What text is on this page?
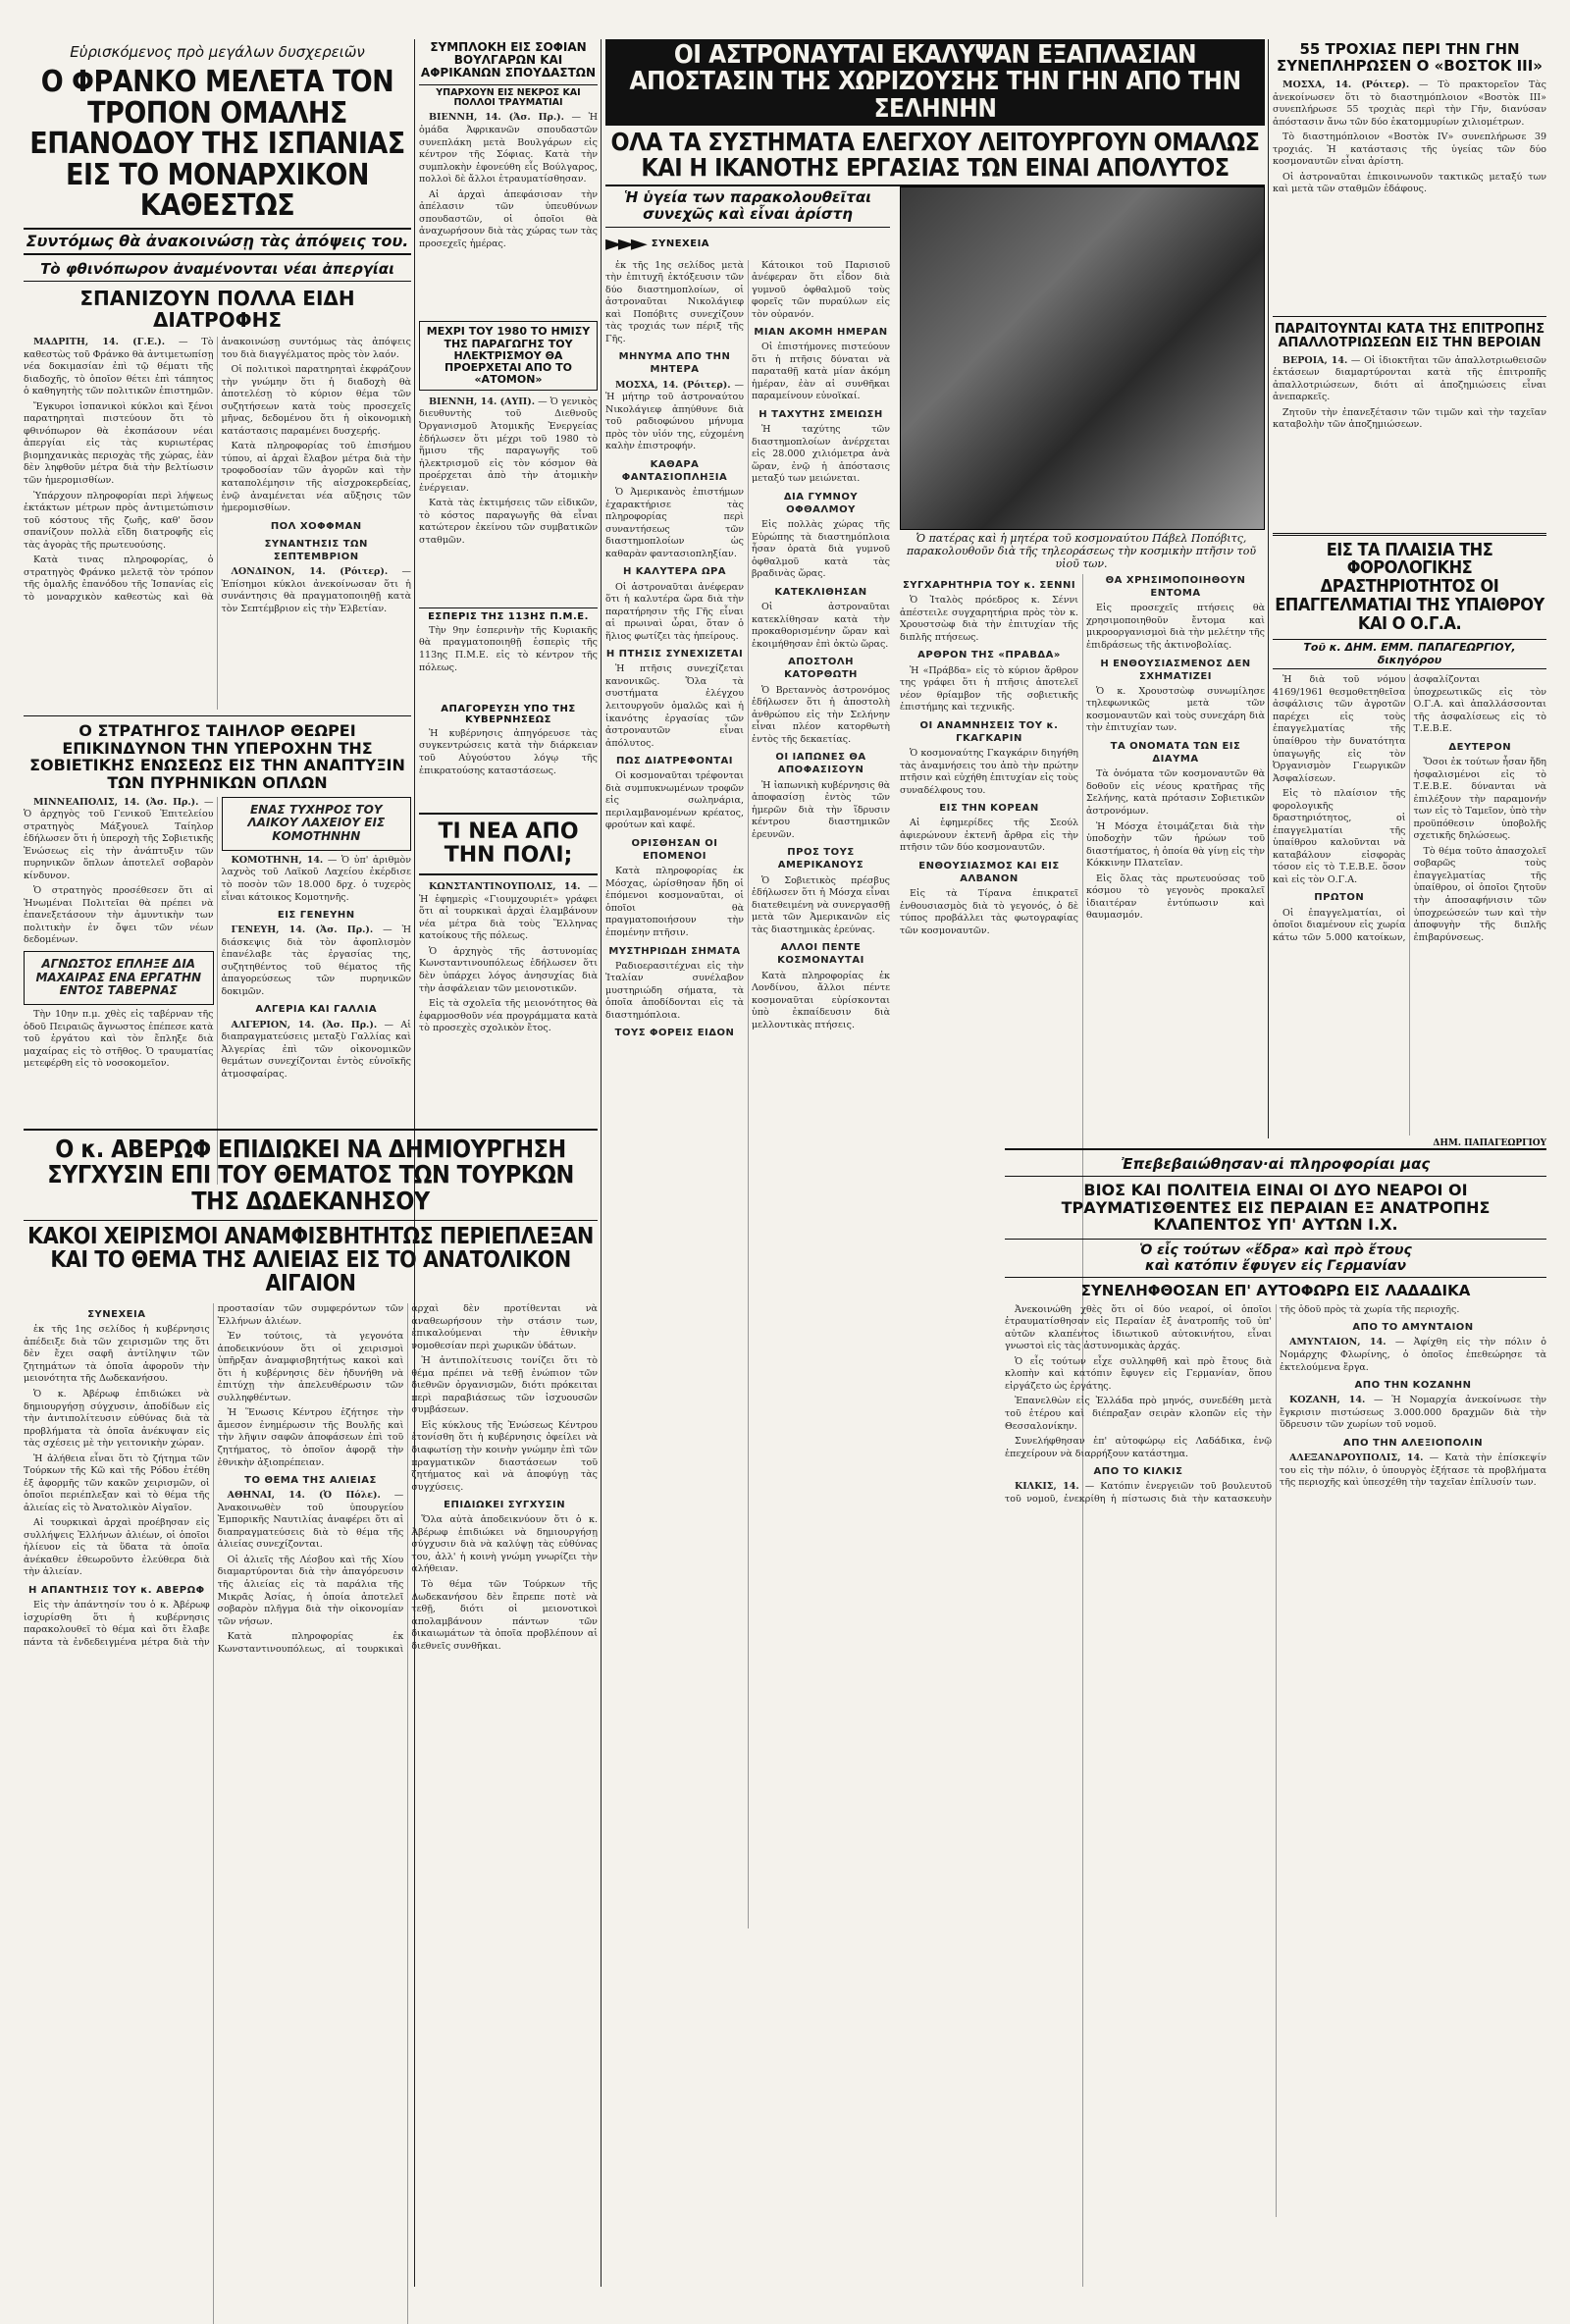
Εὑρισκόμενος πρὸ μεγάλων δυσχερειῶν
Ο ΦΡΑΝΚΟ ΜΕΛΕΤΑ ΤΟΝ ΤΡΟΠΟΝ ΟΜΑΛΗΣ ΕΠΑΝΟΔΟΥ ΤΗΣ ΙΣΠΑΝΙΑΣ ΕΙΣ ΤΟ ΜΟΝΑΡΧΙΚΟΝ ΚΑΘΕΣΤΩΣ
Συντόμως θὰ ἀνακοινώσῃ τὰς ἀπόψεις του.
Τὸ φθινόπωρον ἀναμένονται νέαι ἀπεργίαι
ΣΠΑΝΙΖΟΥΝ ΠΟΛΛΑ ΕΙΔΗ ΔΙΑΤΡΟΦΗΣ

ΜΑΔΡΙΤΗ, 14. (Γ.Ε.). — Τὸ καθεστὼς τοῦ Φράνκο θὰ ἀντιμετωπίσῃ νέα δοκιμασίαν ἐπὶ τῷ θέματι τῆς διαδοχῆς, τὸ ὁποῖον θέτει ἐπὶ τάπητος ὁ καθηγητὴς τῶν πολιτικῶν ἐπιστημῶν.

Ἔγκυροι ἰσπανικοὶ κύκλοι καὶ ξένοι παρατηρηταὶ πιστεύουν ὅτι τὸ φθινόπωρον θὰ ἐκσπάσουν νέαι ἀπεργίαι εἰς τὰς κυριωτέρας βιομηχανικὰς περιοχὰς τῆς χώρας, ἐὰν δὲν ληφθοῦν μέτρα διὰ τὴν βελτίωσιν τῶν ἡμερομισθίων.

Ὑπάρχουν πληροφορίαι περὶ λήψεως ἐκτάκτων μέτρων πρὸς ἀντιμετώπισιν τοῦ κόστους τῆς ζωῆς, καθ' ὅσον σπανίζουν πολλὰ εἴδη διατροφῆς εἰς τὰς ἀγορὰς τῆς πρωτευούσης.

Κατὰ τινας πληροφορίας, ὁ στρατηγὸς Φράνκο μελετᾷ τὸν τρόπον τῆς ὁμαλῆς ἐπανόδου τῆς Ἰσπανίας εἰς τὸ μοναρχικὸν καθεστὼς καὶ θὰ ἀνακοινώσῃ συντόμως τὰς ἀπόψεις του διὰ διαγγέλματος πρὸς τὸν λαόν.

Οἱ πολιτικοὶ παρατηρηταὶ ἐκφράζουν τὴν γνώμην ὅτι ἡ διαδοχὴ θὰ ἀποτελέσῃ τὸ κύριον θέμα τῶν συζητήσεων κατὰ τοὺς προσεχεῖς μῆνας, δεδομένου ὅτι ἡ οἰκονομικὴ κατάστασις παραμένει δυσχερής.

Κατὰ πληροφορίας τοῦ ἐπισήμου τύπου, αἱ ἀρχαὶ ἔλαβον μέτρα διὰ τὴν τροφοδοσίαν τῶν ἀγορῶν καὶ τὴν καταπολέμησιν τῆς αἰσχροκερδείας, ἐνῷ ἀναμένεται νέα αὔξησις τῶν ἡμερομισθίων.

ΠΟΛ ΧΟΦΦΜΑΝ
ΣΥΝΑΝΤΗΣΙΣ ΤΩΝ ΣΕΠΤΕΜΒΡΙΟΝ

ΛΟΝΔΙΝΟΝ, 14. (Ρόιτερ). — Ἐπίσημοι κύκλοι ἀνεκοίνωσαν ὅτι ἡ συνάντησις θὰ πραγματοποιηθῇ κατὰ τὸν Σεπτέμβριον εἰς τὴν Ἑλβετίαν.

Ο ΣΤΡΑΤΗΓΟΣ ΤΑΙΗΛΟΡ ΘΕΩΡΕΙ ΕΠΙΚΙΝΔΥΝΟΝ ΤΗΝ ΥΠΕΡΟΧΗΝ ΤΗΣ ΣΟΒΙΕΤΙΚΗΣ ΕΝΩΣΕΩΣ ΕΙΣ ΤΗΝ ΑΝΑΠΤΥΞΙΝ ΤΩΝ ΠΥΡΗΝΙΚΩΝ ΟΠΛΩΝ

ΜΙΝΝΕΑΠΟΛΙΣ, 14. (Ἀσ. Πρ.). — Ὁ ἀρχηγὸς τοῦ Γενικοῦ Ἐπιτελείου στρατηγὸς Μάξγουελ Ταίηλορ ἐδήλωσεν ὅτι ἡ ὑπεροχὴ τῆς Σοβιετικῆς Ἑνώσεως εἰς τὴν ἀνάπτυξιν τῶν πυρηνικῶν ὅπλων ἀποτελεῖ σοβαρὸν κίνδυνον.

Ὁ στρατηγὸς προσέθεσεν ὅτι αἱ Ἡνωμέναι Πολιτεῖαι θὰ πρέπει νὰ ἐπανεξετάσουν τὴν ἀμυντικὴν των πολιτικὴν ἐν ὄψει τῶν νέων δεδομένων.

ΑΓΝΩΣΤΟΣ ΕΠΛΗΞΕ ΔΙΑ ΜΑΧΑΙΡΑΣ ΕΝΑ ΕΡΓΑΤΗΝ ΕΝΤΟΣ ΤΑΒΕΡΝΑΣ

Τὴν 10ην π.μ. χθὲς εἰς ταβέρναν τῆς ὁδοῦ Πειραιῶς ἄγνωστος ἐπέπεσε κατὰ τοῦ ἐργάτου καὶ τὸν ἔπληξε διὰ μαχαίρας εἰς τὸ στῆθος. Ὁ τραυματίας μετεφέρθη εἰς τὸ νοσοκομεῖον.

ΕΝΑΣ ΤΥΧΗΡΟΣ ΤΟΥ ΛΑΙΚΟΥ ΛΑΧΕΙΟΥ ΕΙΣ ΚΟΜΟΤΗΝΗΝ

ΚΟΜΟΤΗΝΗ, 14. — Ὁ ὑπ' ἀριθμὸν λαχνὸς τοῦ Λαϊκοῦ Λαχείου ἐκέρδισε τὸ ποσὸν τῶν 18.000 δρχ. ὁ τυχερὸς εἶναι κάτοικος Κομοτηνῆς.

ΕΙΣ ΓΕΝΕΥΗΝ

ΓΕΝΕΥΗ, 14. (Ἀσ. Πρ.). — Ἡ διάσκεψις διὰ τὸν ἀφοπλισμὸν ἐπανέλαβε τὰς ἐργασίας της, συζητηθέντος τοῦ θέματος τῆς ἀπαγορεύσεως τῶν πυρηνικῶν δοκιμῶν.

ΑΛΓΕΡΙΑ ΚΑΙ ΓΑΛΛΙΑ

ΑΛΓΕΡΙΟΝ, 14. (Ἀσ. Πρ.). — Αἱ διαπραγματεύσεις μεταξὺ Γαλλίας καὶ Ἀλγερίας ἐπὶ τῶν οἰκονομικῶν θεμάτων συνεχίζονται ἐντὸς εὐνοϊκῆς ἀτμοσφαίρας.

Ο κ. ΑΒΕΡΩΦ ΕΠΙΔΙΩΚΕΙ ΝΑ ΔΗΜΙΟΥΡΓΗΣΗ ΣΥΓΧΥΣΙΝ ΕΠΙ ΤΟΥ ΘΕΜΑΤΟΣ ΤΩΝ ΤΟΥΡΚΩΝ ΤΗΣ ΔΩΔΕΚΑΝΗΣΟΥ
ΚΑΚΟΙ ΧΕΙΡΙΣΜΟΙ ΑΝΑΜΦΙΣΒΗΤΗΤΩΣ ΠΕΡΙΕΠΛΕΞΑΝ ΚΑΙ ΤΟ ΘΕΜΑ ΤΗΣ ΑΛΙΕΙΑΣ ΕΙΣ ΤΟ ΑΝΑΤΟΛΙΚΟΝ ΑΙΓΑΙΟΝ
ΣΥΝΕΧΕΙΑ

ἐκ τῆς 1ης σελίδος ἡ κυβέρνησις ἀπέδειξε διὰ τῶν χειρισμῶν της ὅτι δὲν ἔχει σαφῆ ἀντίληψιν τῶν ζητημάτων τὰ ὁποῖα ἀφοροῦν τὴν μειονότητα τῆς Δωδεκανήσου.

Ὁ κ. Ἀβέρωφ ἐπιδιώκει νὰ δημιουργήσῃ σύγχυσιν, ἀποδίδων εἰς τὴν ἀντιπολίτευσιν εὐθύνας διὰ τὰ προβλήματα τὰ ὁποῖα ἀνέκυψαν εἰς τὰς σχέσεις μὲ τὴν γειτονικὴν χώραν.

Ἡ ἀλήθεια εἶναι ὅτι τὸ ζήτημα τῶν Τούρκων τῆς Κῶ καὶ τῆς Ρόδου ἐτέθη ἐξ ἀφορμῆς τῶν κακῶν χειρισμῶν, οἱ ὁποῖοι περιέπλεξαν καὶ τὸ θέμα τῆς ἀλιείας εἰς τὸ Ἀνατολικὸν Αἰγαῖον.

Αἱ τουρκικαὶ ἀρχαὶ προέβησαν εἰς συλλήψεις Ἑλλήνων ἁλιέων, οἱ ὁποῖοι ἠλίευον εἰς τὰ ὕδατα τὰ ὁποῖα ἀνέκαθεν ἐθεωροῦντο ἐλεύθερα διὰ τὴν ἁλιείαν.

Η ΑΠΑΝΤΗΣΙΣ ΤΟΥ κ. ΑΒΕΡΩΦ

Εἰς τὴν ἀπάντησίν του ὁ κ. Ἀβέρωφ ἰσχυρίσθη ὅτι ἡ κυβέρνησις παρακολουθεῖ τὸ θέμα καὶ ὅτι ἔλαβε πάντα τὰ ἐνδεδειγμένα μέτρα διὰ τὴν προστασίαν τῶν συμφερόντων τῶν Ἑλλήνων ἁλιέων.

Ἐν τούτοις, τὰ γεγονότα ἀποδεικνύουν ὅτι οἱ χειρισμοὶ ὑπῆρξαν ἀναμφισβητήτως κακοὶ καὶ ὅτι ἡ κυβέρνησις δὲν ἠδυνήθη νὰ ἐπιτύχῃ τὴν ἀπελευθέρωσιν τῶν συλληφθέντων.

Ἡ Ἕνωσις Κέντρου ἐζήτησε τὴν ἄμεσον ἐνημέρωσιν τῆς Βουλῆς καὶ τὴν λῆψιν σαφῶν ἀποφάσεων ἐπὶ τοῦ ζητήματος, τὸ ὁποῖον ἀφορᾷ τὴν ἐθνικὴν ἀξιοπρέπειαν.

ΤΟ ΘΕΜΑ ΤΗΣ ΑΛΙΕΙΑΣ

ΑΘΗΝΑΙ, 14. (Ὀ Πόλε). — Ἀνακοινωθὲν τοῦ ὑπουργείου Ἐμπορικῆς Ναυτιλίας ἀναφέρει ὅτι αἱ διαπραγματεύσεις διὰ τὸ θέμα τῆς ἀλιείας συνεχίζονται.

Οἱ ἁλιεῖς τῆς Λέσβου καὶ τῆς Χίου διαμαρτύρονται διὰ τὴν ἀπαγόρευσιν τῆς ἁλιείας εἰς τὰ παράλια τῆς Μικρᾶς Ἀσίας, ἡ ὁποία ἀποτελεῖ σοβαρὸν πλῆγμα διὰ τὴν οἰκονομίαν τῶν νήσων.

Κατὰ πληροφορίας ἐκ Κωνσταντινουπόλεως, αἱ τουρκικαὶ ἀρχαὶ δὲν προτίθενται νὰ ἀναθεωρήσουν τὴν στάσιν των, ἐπικαλούμεναι τὴν ἐθνικὴν νομοθεσίαν περὶ χωρικῶν ὑδάτων.

Ἡ ἀντιπολίτευσις τονίζει ὅτι τὸ θέμα πρέπει νὰ τεθῇ ἐνώπιον τῶν διεθνῶν ὀργανισμῶν, διότι πρόκειται περὶ παραβιάσεως τῶν ἰσχυουσῶν συμβάσεων.

Εἰς κύκλους τῆς Ἑνώσεως Κέντρου ἐτονίσθη ὅτι ἡ κυβέρνησις ὀφείλει νὰ διαφωτίσῃ τὴν κοινὴν γνώμην ἐπὶ τῶν πραγματικῶν διαστάσεων τοῦ ζητήματος καὶ νὰ ἀποφύγῃ τὰς συγχύσεις.

ΕΠΙΔΙΩΚΕΙ ΣΥΓΧΥΣΙΝ

Ὅλα αὐτὰ ἀποδεικνύουν ὅτι ὁ κ. Ἀβέρωφ ἐπιδιώκει νὰ δημιουργήσῃ σύγχυσιν διὰ νὰ καλύψῃ τὰς εὐθύνας του, ἀλλ' ἡ κοινὴ γνώμη γνωρίζει τὴν ἀλήθειαν.

Τὸ θέμα τῶν Τούρκων τῆς Δωδεκανήσου δὲν ἔπρεπε ποτὲ νὰ τεθῇ, διότι οἱ μειονοτικοὶ ἀπολαμβάνουν πάντων τῶν δικαιωμάτων τὰ ὁποῖα προβλέπουν αἱ διεθνεῖς συνθῆκαι.

ΣΥΜΠΛΟΚΗ ΕΙΣ ΣΟΦΙΑΝ ΒΟΥΛΓΑΡΩΝ ΚΑΙ ΑΦΡΙΚΑΝΩΝ ΣΠΟΥΔΑΣΤΩΝ
ΥΠΑΡΧΟΥΝ ΕΙΣ ΝΕΚΡΟΣ ΚΑΙ ΠΟΛΛΟΙ ΤΡΑΥΜΑΤΙΑΙ

ΒΙΕΝΝΗ, 14. (Ἀσ. Πρ.). — Ἡ ὀμάδα Ἀφρικανῶν σπουδαστῶν συνεπλάκη μετὰ Βουλγάρων εἰς κέντρον τῆς Σόφιας. Κατὰ τὴν συμπλοκὴν ἐφονεύθη εἷς Βούλγαρος, πολλοὶ δὲ ἄλλοι ἐτραυματίσθησαν.

Αἱ ἀρχαὶ ἀπεφάσισαν τὴν ἀπέλασιν τῶν ὑπευθύνων σπουδαστῶν, οἱ ὁποῖοι θὰ ἀναχωρήσουν διὰ τὰς χώρας των τὰς προσεχεῖς ἡμέρας.

ΜΕΧΡΙ ΤΟΥ 1980 ΤΟ ΗΜΙΣΥ ΤΗΣ ΠΑΡΑΓΩΓΗΣ ΤΟΥ ΗΛΕΚΤΡΙΣΜΟΥ ΘΑ ΠΡΟΕΡΧΕΤΑΙ ΑΠΟ ΤΟ «ΑΤΟΜΟΝ»

ΒΙΕΝΝΗ, 14. (ΑΥΠ). — Ὁ γενικὸς διευθυντὴς τοῦ Διεθνοῦς Ὀργανισμοῦ Ἀτομικῆς Ἐνεργείας ἐδήλωσεν ὅτι μέχρι τοῦ 1980 τὸ ἥμισυ τῆς παραγωγῆς τοῦ ἠλεκτρισμοῦ εἰς τὸν κόσμον θὰ προέρχεται ἀπὸ τὴν ἀτομικὴν ἐνέργειαν.

Κατὰ τὰς ἐκτιμήσεις τῶν εἰδικῶν, τὸ κόστος παραγωγῆς θὰ εἶναι κατώτερον ἐκείνου τῶν συμβατικῶν σταθμῶν.

ΕΣΠΕΡΙΣ ΤΗΣ 113ΗΣ Π.Μ.Ε.

Τὴν 9ην ἑσπερινὴν τῆς Κυριακῆς θὰ πραγματοποιηθῇ ἑσπερὶς τῆς 113ης Π.Μ.Ε. εἰς τὸ κέντρον τῆς πόλεως.

ΑΠΑΓΟΡΕΥΣΗ ΥΠΟ ΤΗΣ ΚΥΒΕΡΝΗΣΕΩΣ

Ἡ κυβέρνησις ἀπηγόρευσε τὰς συγκεντρώσεις κατὰ τὴν διάρκειαν τοῦ Αὐγούστου λόγῳ τῆς ἐπικρατούσης καταστάσεως.

ΤΙ ΝΕΑ ΑΠΟ ΤΗΝ ΠΟΛΙ;

ΚΩΝΣΤΑΝΤΙΝΟΥΠΟΛΙΣ, 14. — Ἡ ἐφημερὶς «Γιουμχουριέτ» γράφει ὅτι αἱ τουρκικαὶ ἀρχαὶ ἐλαμβάνουν νέα μέτρα διὰ τοὺς Ἕλληνας κατοίκους τῆς πόλεως.

Ὁ ἀρχηγὸς τῆς ἀστυνομίας Κωνσταντινουπόλεως ἐδήλωσεν ὅτι δὲν ὑπάρχει λόγος ἀνησυχίας διὰ τὴν ἀσφάλειαν τῶν μειονοτικῶν.

Εἰς τὰ σχολεῖα τῆς μειονότητος θὰ ἐφαρμοσθοῦν νέα προγράμματα κατὰ τὸ προσεχὲς σχολικὸν ἔτος.

ΟΙ ΑΣΤΡΟΝΑΥΤΑΙ ΕΚΑΛΥΨΑΝ ΕΞΑΠΛΑΣΙΑΝ ΑΠΟΣΤΑΣΙΝ ΤΗΣ ΧΩΡΙΖΟΥΣΗΣ ΤΗΝ ΓΗΝ ΑΠΟ ΤΗΝ ΣΕΛΗΝΗΝ
ΟΛΑ ΤΑ ΣΥΣΤΗΜΑΤΑ ΕΛΕΓΧΟΥ ΛΕΙΤΟΥΡΓΟΥΝ ΟΜΑΛΩΣ ΚΑΙ Η ΙΚΑΝΟΤΗΣ ΕΡΓΑΣΙΑΣ ΤΩΝ ΕΙΝΑΙ ΑΠΟΛΥΤΟΣ
Ἡ ὑγεία των παρακολουθεῖται συνεχῶς καὶ εἶναι ἀρίστη
►►► ΣΥΝΕΧΕΙΑ

ἐκ τῆς 1ης σελίδος μετὰ τὴν ἐπιτυχῆ ἐκτόξευσιν τῶν δύο διαστημοπλοίων, οἱ ἀστροναῦται Νικολάγιεφ καὶ Ποπόβιτς συνεχίζουν τὰς τροχιάς των πέριξ τῆς Γῆς.

ΜΗΝΥΜΑ ΑΠΟ ΤΗΝ ΜΗΤΕΡΑ

ΜΟΣΧΑ, 14. (Ρόιτερ). — Ἡ μήτηρ τοῦ ἀστροναύτου Νικολάγιεφ ἀπηύθυνε διὰ τοῦ ραδιοφώνου μήνυμα πρὸς τὸν υἱόν της, εὐχομένη καλὴν ἐπιστροφήν.

ΚΑΘΑΡΑ ΦΑΝΤΑΣΙΟΠΛΗΞΙΑ

Ὁ Ἀμερικανὸς ἐπιστήμων ἐχαρακτήρισε τὰς πληροφορίας περὶ συναντήσεως τῶν διαστημοπλοίων ὡς καθαρὰν φαντασιοπληξίαν.

Η ΚΑΛΥΤΕΡΑ ΩΡΑ

Οἱ ἀστροναῦται ἀνέφεραν ὅτι ἡ καλυτέρα ὥρα διὰ τὴν παρατήρησιν τῆς Γῆς εἶναι αἱ πρωιναὶ ὧραι, ὅταν ὁ ἥλιος φωτίζει τὰς ἠπείρους.

Η ΠΤΗΣΙΣ ΣΥΝΕΧΙΖΕΤΑΙ

Ἡ πτῆσις συνεχίζεται κανονικῶς. Ὅλα τὰ συστήματα ἐλέγχου λειτουργοῦν ὁμαλῶς καὶ ἡ ἱκανότης ἐργασίας τῶν ἀστροναυτῶν εἶναι ἀπόλυτος.

ΠΩΣ ΔΙΑΤΡΕΦΟΝΤΑΙ

Οἱ κοσμοναῦται τρέφονται διὰ συμπυκνωμένων τροφῶν εἰς σωληνάρια, περιλαμβανομένων κρέατος, φρούτων καὶ καφέ.

ΟΡΙΣΘΗΣΑΝ ΟΙ ΕΠΟΜΕΝΟΙ

Κατὰ πληροφορίας ἐκ Μόσχας, ὡρίσθησαν ἤδη οἱ ἐπόμενοι κοσμοναῦται, οἱ ὁποῖοι θὰ πραγματοποιήσουν τὴν ἑπομένην πτῆσιν.

ΜΥΣΤΗΡΙΩΔΗ ΣΗΜΑΤΑ

Ραδιοερασιτέχναι εἰς τὴν Ἰταλίαν συνέλαβον μυστηριώδη σήματα, τὰ ὁποῖα ἀποδίδονται εἰς τὰ διαστημόπλοια.

ΤΟΥΣ ΦΟΡΕΙΣ ΕΙΔΟΝ

Κάτοικοι τοῦ Παρισιοῦ ἀνέφεραν ὅτι εἶδον διὰ γυμνοῦ ὀφθαλμοῦ τοὺς φορεῖς τῶν πυραύλων εἰς τὸν οὐρανόν.

ΜΙΑΝ ΑΚΟΜΗ ΗΜΕΡΑΝ

Οἱ ἐπιστήμονες πιστεύουν ὅτι ἡ πτῆσις δύναται νὰ παραταθῇ κατὰ μίαν ἀκόμη ἡμέραν, ἐὰν αἱ συνθῆκαι παραμείνουν εὐνοϊκαί.

Η ΤΑΧΥΤΗΣ ΣΜΕΙΩΣΗ

Ἡ ταχύτης τῶν διαστημοπλοίων ἀνέρχεται εἰς 28.000 χιλιόμετρα ἀνὰ ὥραν, ἐνῷ ἡ ἀπόστασις μεταξύ των μειώνεται.

ΔΙΑ ΓΥΜΝΟΥ ΟΦΘΑΛΜΟΥ

Εἰς πολλὰς χώρας τῆς Εὐρώπης τὰ διαστημόπλοια ἦσαν ὁρατὰ διὰ γυμνοῦ ὀφθαλμοῦ κατὰ τὰς βραδινὰς ὥρας.

ΚΑΤΕΚΛΙΘΗΣΑΝ

Οἱ ἀστροναῦται κατεκλίθησαν κατὰ τὴν προκαθορισμένην ὥραν καὶ ἐκοιμήθησαν ἐπὶ ὀκτὼ ὥρας.

ΑΠΟΣΤΟΛΗ ΚΑΤΟΡΘΩΤΗ

Ὁ Βρεταννὸς ἀστρονόμος ἐδήλωσεν ὅτι ἡ ἀποστολὴ ἀνθρώπου εἰς τὴν Σελήνην εἶναι πλέον κατορθωτὴ ἐντὸς τῆς δεκαετίας.

ΟΙ ΙΑΠΩΝΕΣ ΘΑ ΑΠΟΦΑΣΙΣΟΥΝ

Ἡ ἰαπωνικὴ κυβέρνησις θὰ ἀποφασίσῃ ἐντὸς τῶν ἡμερῶν διὰ τὴν ἵδρυσιν κέντρου διαστημικῶν ἐρευνῶν.

ΠΡΟΣ ΤΟΥΣ ΑΜΕΡΙΚΑΝΟΥΣ

Ὁ Σοβιετικὸς πρέσβυς ἐδήλωσεν ὅτι ἡ Μόσχα εἶναι διατεθειμένη νὰ συνεργασθῇ μετὰ τῶν Ἀμερικανῶν εἰς τὰς διαστημικὰς ἐρεύνας.

ΑΛΛΟΙ ΠΕΝΤΕ ΚΟΣΜΟΝΑΥΤΑΙ

Κατὰ πληροφορίας ἐκ Λονδίνου, ἄλλοι πέντε κοσμοναῦται εὑρίσκονται ὑπὸ ἐκπαίδευσιν διὰ μελλοντικὰς πτήσεις.

Ὁ πατέρας καὶ ἡ μητέρα τοῦ κοσμοναύτου Πάβελ Ποπόβιτς, παρακολουθοῦν διὰ τῆς τηλεοράσεως τὴν κοσμικὴν πτῆσιν τοῦ υἱοῦ των.
ΣΥΓΧΑΡΗΤΗΡΙΑ ΤΟΥ κ. ΣΕΝΝΙ

Ὁ Ἰταλὸς πρόεδρος κ. Σέννι ἀπέστειλε συγχαρητήρια πρὸς τὸν κ. Χρουστσὼφ διὰ τὴν ἐπιτυχίαν τῆς διπλῆς πτήσεως.

ΑΡΘΡΟΝ ΤΗΣ «ΠΡΑΒΔΑ»

Ἡ «Πράβδα» εἰς τὸ κύριον ἄρθρον της γράφει ὅτι ἡ πτῆσις ἀποτελεῖ νέον θρίαμβον τῆς σοβιετικῆς ἐπιστήμης καὶ τεχνικῆς.

ΟΙ ΑΝΑΜΝΗΣΕΙΣ ΤΟΥ κ. ΓΚΑΓΚΑΡΙΝ

Ὁ κοσμοναύτης Γκαγκάριν διηγήθη τὰς ἀναμνήσεις του ἀπὸ τὴν πρώτην πτῆσιν καὶ εὐχήθη ἐπιτυχίαν εἰς τοὺς συναδέλφους του.

ΕΙΣ ΤΗΝ ΚΟΡΕΑΝ

Αἱ ἐφημερίδες τῆς Σεούλ ἀφιερώνουν ἐκτενῆ ἄρθρα εἰς τὴν πτῆσιν τῶν δύο κοσμοναυτῶν.

ΕΝΘΟΥΣΙΑΣΜΟΣ ΚΑΙ ΕΙΣ ΑΛΒΑΝΟΝ

Εἰς τὰ Τίρανα ἐπικρατεῖ ἐνθουσιασμὸς διὰ τὸ γεγονός, ὁ δὲ τύπος προβάλλει τὰς φωτογραφίας τῶν κοσμοναυτῶν.

ΘΑ ΧΡΗΣΙΜΟΠΟΙΗΘΟΥΝ ΕΝΤΟΜΑ

Εἰς προσεχεῖς πτήσεις θὰ χρησιμοποιηθοῦν ἔντομα καὶ μικροοργανισμοὶ διὰ τὴν μελέτην τῆς ἐπιδράσεως τῆς ἀκτινοβολίας.

Η ΕΝΘΟΥΣΙΑΣΜΕΝΟΣ ΔΕΝ ΣΧΗΜΑΤΙΖΕΙ

Ὁ κ. Χρουστσὼφ συνωμίλησε τηλεφωνικῶς μετὰ τῶν κοσμοναυτῶν καὶ τοὺς συνεχάρη διὰ τὴν ἐπιτυχίαν των.

ΤΑ ΟΝΟΜΑΤΑ ΤΩΝ ΕΙΣ ΔΙΑΥΜΑ

Τὰ ὀνόματα τῶν κοσμοναυτῶν θὰ δοθοῦν εἰς νέους κρατῆρας τῆς Σελήνης, κατὰ πρότασιν Σοβιετικῶν ἀστρονόμων.

Ἡ Μόσχα ἑτοιμάζεται διὰ τὴν ὑποδοχὴν τῶν ἡρώων τοῦ διαστήματος, ἡ ὁποία θὰ γίνῃ εἰς τὴν Κόκκινην Πλατεῖαν.

Εἰς ὅλας τὰς πρωτευούσας τοῦ κόσμου τὸ γεγονὸς προκαλεῖ ἰδιαιτέραν ἐντύπωσιν καὶ θαυμασμόν.

55 ΤΡΟΧΙΑΣ ΠΕΡΙ ΤΗΝ ΓΗΝ ΣΥΝΕΠΛΗΡΩΣΕΝ Ο «ΒΟΣΤΟΚ III»

ΜΟΣΧΑ, 14. (Ρόιτερ). — Τὸ πρακτορεῖον Τὰς ἀνεκοίνωσεν ὅτι τὸ διαστημόπλοιον «Βοστὸκ ΙΙΙ» συνεπλήρωσε 55 τροχιὰς περὶ τὴν Γῆν, διανύσαν ἀπόστασιν ἄνω τῶν δύο ἑκατομμυρίων χιλιομέτρων.

Τὸ διαστημόπλοιον «Βοστὸκ IV» συνεπλήρωσε 39 τροχιάς. Ἡ κατάστασις τῆς ὑγείας τῶν δύο κοσμοναυτῶν εἶναι ἀρίστη.

Οἱ ἀστροναῦται ἐπικοινωνοῦν τακτικῶς μεταξύ των καὶ μετὰ τῶν σταθμῶν ἐδάφους.

ΠΑΡΑΙΤΟΥΝΤΑΙ ΚΑΤΑ ΤΗΣ ΕΠΙΤΡΟΠΗΣ ΑΠΑΛΛΟΤΡΙΩΣΕΩΝ ΕΙΣ ΤΗΝ ΒΕΡΟΙΑΝ

ΒΕΡΟΙΑ, 14. — Οἱ ἰδιοκτῆται τῶν ἀπαλλοτριωθεισῶν ἐκτάσεων διαμαρτύρονται κατὰ τῆς ἐπιτροπῆς ἀπαλλοτριώσεων, διότι αἱ ἀποζημιώσεις εἶναι ἀνεπαρκεῖς.

Ζητοῦν τὴν ἐπανεξέτασιν τῶν τιμῶν καὶ τὴν ταχεῖαν καταβολὴν τῶν ἀποζημιώσεων.

ΕΙΣ ΤΑ ΠΛΑΙΣΙΑ ΤΗΣ ΦΟΡΟΛΟΓΙΚΗΣ ΔΡΑΣΤΗΡΙΟΤΗΤΟΣ ΟΙ ΕΠΑΓΓΕΛΜΑΤΙΑΙ ΤΗΣ ΥΠΑΙΘΡΟΥ ΚΑΙ Ο Ο.Γ.Α.
Τοῦ κ. ΔΗΜ. ΕΜΜ. ΠΑΠΑΓΕΩΡΓΙΟΥ, δικηγόρου

Ἡ διὰ τοῦ νόμου 4169/1961 θεσμοθετηθεῖσα ἀσφάλισις τῶν ἀγροτῶν παρέχει εἰς τοὺς ἐπαγγελματίας τῆς ὑπαίθρου τὴν δυνατότητα ὑπαγωγῆς εἰς τὸν Ὀργανισμὸν Γεωργικῶν Ἀσφαλίσεων.

Εἰς τὸ πλαίσιον τῆς φορολογικῆς δραστηριότητος, οἱ ἐπαγγελματίαι τῆς ὑπαίθρου καλοῦνται νὰ καταβάλουν εἰσφορὰς τόσον εἰς τὸ Τ.Ε.Β.Ε. ὅσον καὶ εἰς τὸν Ο.Γ.Α.

ΠΡΩΤΟΝ

Οἱ ἐπαγγελματίαι, οἱ ὁποῖοι διαμένουν εἰς χωρία κάτω τῶν 5.000 κατοίκων, ἀσφαλίζονται ὑποχρεωτικῶς εἰς τὸν Ο.Γ.Α. καὶ ἀπαλλάσσονται τῆς ἀσφαλίσεως εἰς τὸ Τ.Ε.Β.Ε.

ΔΕΥΤΕΡΟΝ

Ὅσοι ἐκ τούτων ἦσαν ἤδη ἠσφαλισμένοι εἰς τὸ Τ.Ε.Β.Ε. δύνανται νὰ ἐπιλέξουν τὴν παραμονήν των εἰς τὸ Ταμεῖον, ὑπὸ τὴν προϋπόθεσιν ὑποβολῆς σχετικῆς δηλώσεως.

Τὸ θέμα τοῦτο ἀπασχολεῖ σοβαρῶς τοὺς ἐπαγγελματίας τῆς ὑπαίθρου, οἱ ὁποῖοι ζητοῦν τὴν ἀποσαφήνισιν τῶν ὑποχρεώσεών των καὶ τὴν ἀποφυγὴν τῆς διπλῆς ἐπιβαρύνσεως.

ΔΗΜ. ΠΑΠΑΓΕΩΡΓΙΟΥ
Ἐπεβεβαιώθησαν·αἱ πληροφορίαι μας
ΒΙΟΣ ΚΑΙ ΠΟΛΙΤΕΙΑ ΕΙΝΑΙ ΟΙ ΔΥΟ ΝΕΑΡΟΙ ΟΙ ΤΡΑΥΜΑΤΙΣΘΕΝΤΕΣ ΕΙΣ ΠΕΡΑΙΑΝ ΕΞ ΑΝΑΤΡΟΠΗΣ ΚΛΑΠΕΝΤΟΣ ΥΠ' ΑΥΤΩΝ Ι.Χ.
Ὁ εἷς τούτων «ἔδρα» καὶ πρὸ ἔτους
καὶ κατόπιν ἔφυγεν εἰς Γερμανίαν
ΣΥΝΕΛΗΦΘΟΣΑΝ ΕΠ' ΑΥΤΟΦΩΡΩ ΕΙΣ ΛΑΔΑΔΙΚΑ

Ἀνεκοινώθη χθὲς ὅτι οἱ δύο νεαροί, οἱ ὁποῖοι ἐτραυματίσθησαν εἰς Περαίαν ἐξ ἀνατροπῆς τοῦ ὑπ' αὐτῶν κλαπέντος ἰδιωτικοῦ αὐτοκινήτου, εἶναι γνωστοὶ εἰς τὰς ἀστυνομικὰς ἀρχάς.

Ὁ εἷς τούτων εἶχε συλληφθῆ καὶ πρὸ ἔτους διὰ κλοπὴν καὶ κατόπιν ἔφυγεν εἰς Γερμανίαν, ὅπου εἰργάζετο ὡς ἐργάτης.

Ἐπανελθὼν εἰς Ἑλλάδα πρὸ μηνός, συνεδέθη μετὰ τοῦ ἑτέρου καὶ διέπραξαν σειρὰν κλοπῶν εἰς τὴν Θεσσαλονίκην.

Συνελήφθησαν ἐπ' αὐτοφώρῳ εἰς Λαδάδικα, ἐνῷ ἐπεχείρουν νὰ διαρρήξουν κατάστημα.

ΑΠΟ ΤΟ ΚΙΛΚΙΣ

ΚΙΛΚΙΣ, 14. — Κατόπιν ἐνεργειῶν τοῦ βουλευτοῦ τοῦ νομοῦ, ἐνεκρίθη ἡ πίστωσις διὰ τὴν κατασκευὴν τῆς ὁδοῦ πρὸς τὰ χωρία τῆς περιοχῆς.

ΑΠΟ ΤΟ ΑΜΥΝΤΑΙΟΝ

ΑΜΥΝΤΑΙΟΝ, 14. — Ἀφίχθη εἰς τὴν πόλιν ὁ Νομάρχης Φλωρίνης, ὁ ὁποῖος ἐπεθεώρησε τὰ ἐκτελούμενα ἔργα.

ΑΠΟ ΤΗΝ ΚΟΖΑΝΗΝ

ΚΟΖΑΝΗ, 14. — Ἡ Νομαρχία ἀνεκοίνωσε τὴν ἔγκρισιν πιστώσεως 3.000.000 δραχμῶν διὰ τὴν ὕδρευσιν τῶν χωρίων τοῦ νομοῦ.

ΑΠΟ ΤΗΝ ΑΛΕΞΙΟΠΟΛΙΝ

ΑΛΕΞΑΝΔΡΟΥΠΟΛΙΣ, 14. — Κατὰ τὴν ἐπίσκεψίν του εἰς τὴν πόλιν, ὁ ὑπουργὸς ἐξήτασε τὰ προβλήματα τῆς περιοχῆς καὶ ὑπεσχέθη τὴν ταχεῖαν ἐπίλυσίν των.
